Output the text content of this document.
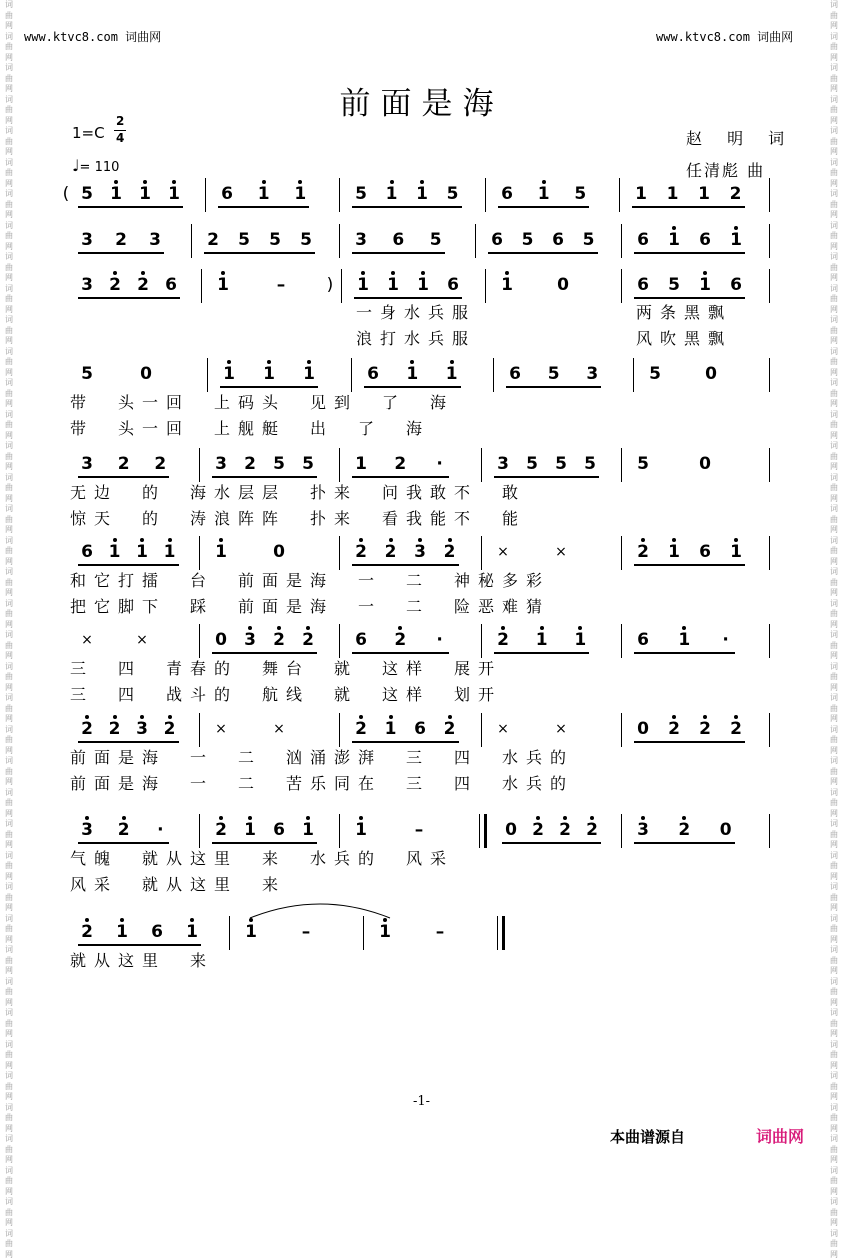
www.ktvc8.com 词曲网	www.ktvc8.com 词曲网
词曲网词曲网词曲网词曲网词曲网词曲网词曲网词曲网词曲网词曲网词曲网词曲网词曲网词曲网词曲网词曲网词曲网词曲网词曲网词曲网词曲网词曲网词曲网词曲网词曲网词曲网词曲网词曲网词曲网词曲网词曲网词曲网词曲网词曲网词曲网词曲网词曲网词曲网词曲网词曲网
词曲网词曲网词曲网词曲网词曲网词曲网词曲网词曲网词曲网词曲网词曲网词曲网词曲网词曲网词曲网词曲网词曲网词曲网词曲网词曲网词曲网词曲网词曲网词曲网词曲网词曲网词曲网词曲网词曲网词曲网词曲网词曲网词曲网词曲网词曲网词曲网词曲网词曲网词曲网词曲网
前面是海
1=C
2
4
♩= 110
赵 明 词
任清彪 曲
( 5 1 1 1 6 1 1	5 1 1 5	6 1 5	1 1 1 2
3 2 3	2 5 5 5	3 6 5	6 5 6 5	6 1 6 1
3 2 2 6 1	– ) 1 1 1 6 1	0	6 5 1 6
5	0	1 1 1	6 1 1	6 5 3	5	0
3 2 2	3 2 5 5 1 2	·	3 5 5 5 5	0
6 1 1 1 1	0	2 2 3 2	×	×	2 1 6 1
×	×	0 3 2 2 6 2	·	2 1 1	6 1	·
2 2 3 2	×	×	2 1 6 2	×	×	0 2 2 2
3 2	·	2 1 6 1 1	–	0 2 2 2 3 2 0
2 1 6 1	1	–	1	–
一 身 水 兵 服	两 条 黑 飘
浪 打 水 兵 服	风 吹 黑 飘
带 头 一 回 上 码 头 见 到 了 海
带 头 一 回 上 舰 艇 出 了 海
无 边 的 海 水 层 层 扑 来 问 我 敢 不 敢
惊 天 的 涛 浪 阵 阵 扑 来 看 我 能 不 能
和 它 打 擂 台 前 面 是 海 一 二 神 秘 多 彩
把 它 脚 下 踩 前 面 是 海 一 二 险 恶 难 猜
三 四 青 春 的 舞 台 就 这 样 展 开
三 四 战 斗 的 航 线 就 这 样 划 开
前 面 是 海 一 二 汹 涌 澎 湃 三 四 水 兵 的
前 面 是 海 一 二 苦 乐 同 在 三 四 水 兵 的
气 魄 就 从 这 里 来 水 兵 的 风 采
风 采 就 从 这 里 来
就 从 这 里 来
-1-
本曲谱源自	词曲网
